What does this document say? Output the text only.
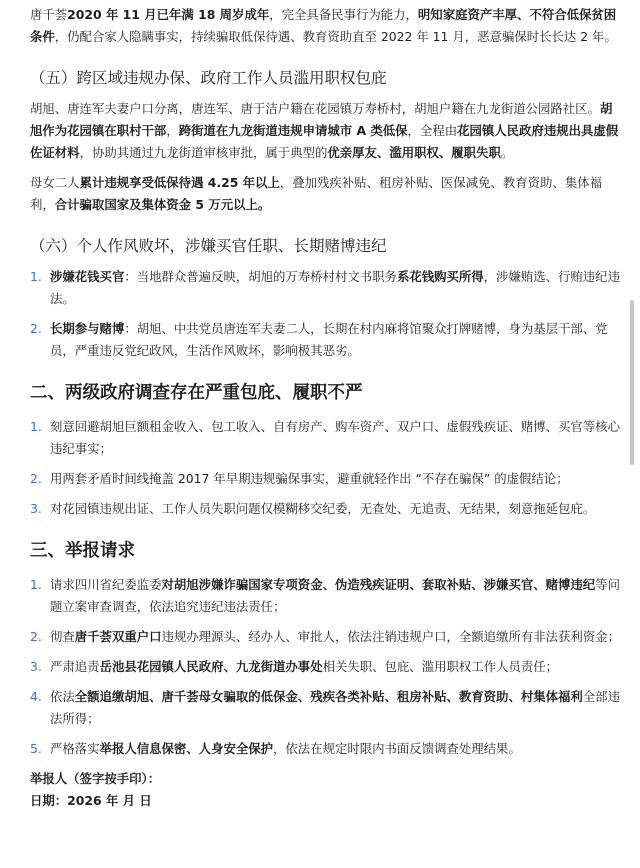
唐千荟2020 年 11 月已年满 18 周岁成年，完全具备民事行为能力，明知家庭资产丰厚、不符合低保贫困条件，仍配合家人隐瞒事实，持续骗取低保待遇、教育资助直至 2022 年 11 月，恶意骗保时长长达 2 年。

（五）跨区域违规办保、政府工作人员滥用职权包庇

胡旭、唐连军夫妻户口分离，唐连军、唐于洁户籍在花园镇万寿桥村，胡旭户籍在九龙街道公园路社区。胡旭作为花园镇在职村干部，跨街道在九龙街道违规申请城市 A 类低保，全程由花园镇人民政府违规出具虚假佐证材料，协助其通过九龙街道审核审批，属于典型的优亲厚友、滥用职权、履职失职。

母女二人累计违规享受低保待遇 4.25 年以上，叠加残疾补贴、租房补贴、医保减免、教育资助、集体福利，合计骗取国家及集体资金 5 万元以上。

（六）个人作风败坏，涉嫌买官任职、长期赌博违纪
1. 涉嫌花钱买官：当地群众普遍反映，胡旭的万寿桥村村文书职务系花钱购买所得，涉嫌贿选、行贿违纪违法。
2. 长期参与赌博：胡旭、中共党员唐连军夫妻二人，长期在村内麻将馆聚众打牌赌博，身为基层干部、党员，严重违反党纪政风，生活作风败坏，影响极其恶劣。
二、两级政府调查存在严重包庇、履职不严
1. 刻意回避胡旭巨额租金收入、包工收入、自有房产、购车资产、双户口、虚假残疾证、赌博、买官等核心违纪事实；
2. 用两套矛盾时间线掩盖 2017 年早期违规骗保事实，避重就轻作出 “不存在骗保” 的虚假结论；
3. 对花园镇违规出证、工作人员失职问题仅模糊移交纪委，无查处、无追责、无结果，刻意拖延包庇。
三、举报请求
1. 请求四川省纪委监委对胡旭涉嫌诈骗国家专项资金、伪造残疾证明、套取补贴、涉嫌买官、赌博违纪等问题立案审查调查，依法追究违纪违法责任；
2. 彻查唐千荟双重户口违规办理源头、经办人、审批人，依法注销违规户口，全额追缴所有非法获利资金；
3. 严肃追责岳池县花园镇人民政府、九龙街道办事处相关失职、包庇、滥用职权工作人员责任；
4. 依法全额追缴胡旭、唐千荟母女骗取的低保金、残疾各类补贴、租房补贴、教育资助、村集体福利全部违法所得；
5. 严格落实举报人信息保密、人身安全保护，依法在规定时限内书面反馈调查处理结果。

举报人（签字按手印）：

日期：2026 年 月 日
